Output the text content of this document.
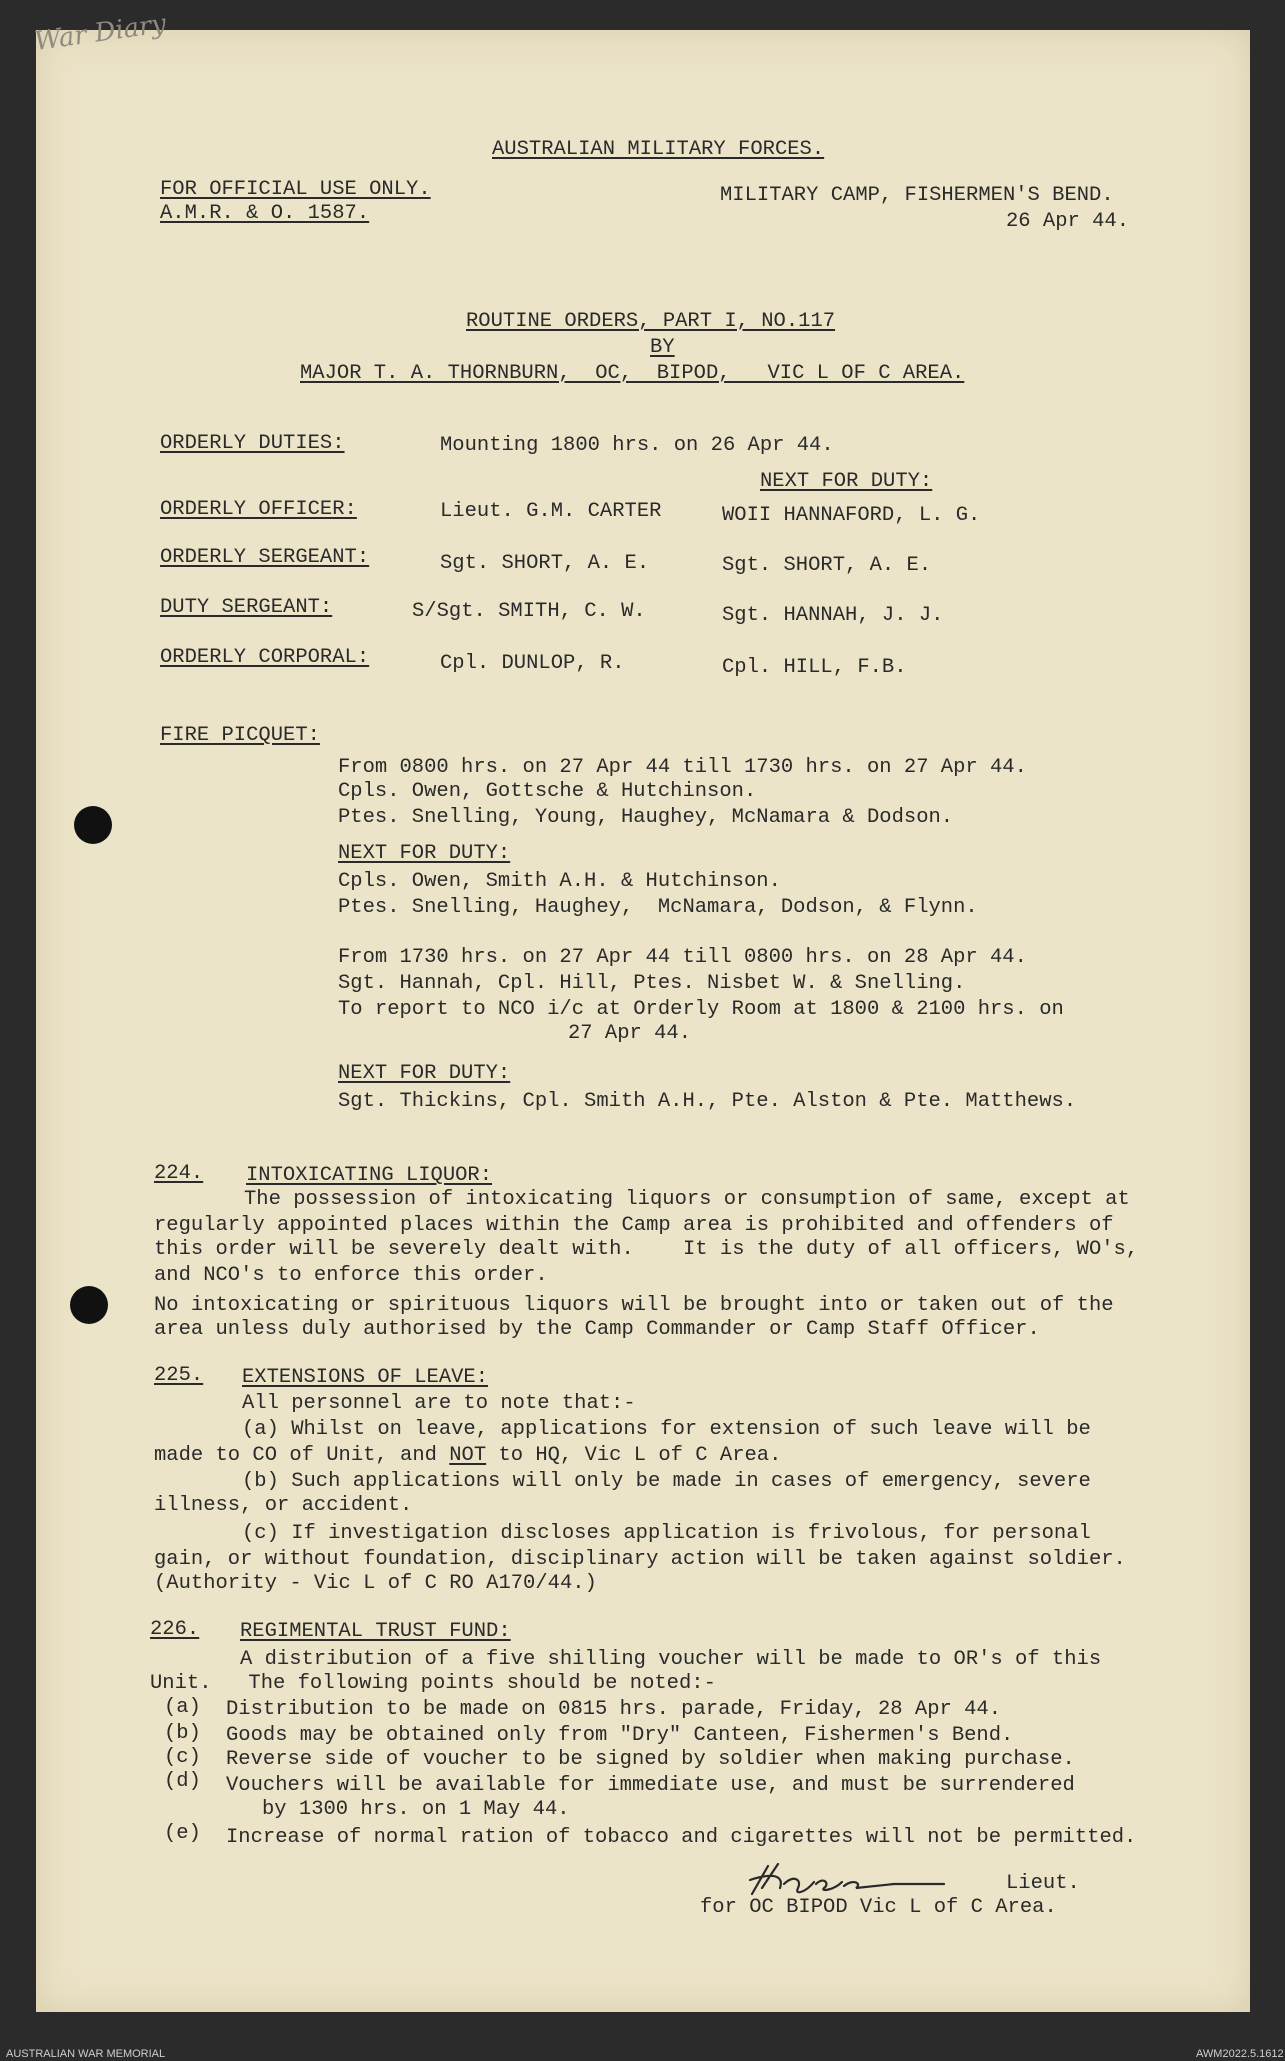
War Diary
AUSTRALIAN MILITARY FORCES.
FOR OFFICIAL USE ONLY.
A.M.R. & O. 1587.
MILITARY CAMP, FISHERMEN'S BEND.
26 Apr 44.
ROUTINE ORDERS, PART I, NO.117
BY
MAJOR T. A. THORNBURN,  OC,  BIPOD,   VIC L OF C AREA.
ORDERLY DUTIES:	Mounting 1800 hrs. on 26 Apr 44.
NEXT FOR DUTY:
ORDERLY OFFICER:	Lieut. G.M. CARTER	WOII HANNAFORD, L. G.
ORDERLY SERGEANT:	Sgt. SHORT, A. E.	Sgt. SHORT, A. E.
DUTY SERGEANT:	S/Sgt. SMITH, C. W.	Sgt. HANNAH, J. J.
ORDERLY CORPORAL:	Cpl. DUNLOP, R.	Cpl. HILL, F.B.
FIRE PICQUET:
From 0800 hrs. on 27 Apr 44 till 1730 hrs. on 27 Apr 44.
Cpls. Owen, Gottsche & Hutchinson.
Ptes. Snelling, Young, Haughey, McNamara & Dodson.
NEXT FOR DUTY:
Cpls. Owen, Smith A.H. & Hutchinson.
Ptes. Snelling, Haughey,  McNamara, Dodson, & Flynn.
From 1730 hrs. on 27 Apr 44 till 0800 hrs. on 28 Apr 44.
Sgt. Hannah, Cpl. Hill, Ptes. Nisbet W. & Snelling.
To report to NCO i/c at Orderly Room at 1800 & 2100 hrs. on
27 Apr 44.
NEXT FOR DUTY:
Sgt. Thickins, Cpl. Smith A.H., Pte. Alston & Pte. Matthews.
224. INTOXICATING LIQUOR:
The possession of intoxicating liquors or consumption of same, except at
regularly appointed places within the Camp area is prohibited and offenders of
this order will be severely dealt with.    It is the duty of all officers, WO's,
and NCO's to enforce this order.
No intoxicating or spirituous liquors will be brought into or taken out of the
area unless duly authorised by the Camp Commander or Camp Staff Officer.
225. EXTENSIONS OF LEAVE:
All personnel are to note that:-
(a) Whilst on leave, applications for extension of such leave will be
made to CO of Unit, and NOT to HQ, Vic L of C Area.
(b) Such applications will only be made in cases of emergency, severe
illness, or accident.
(c) If investigation discloses application is frivolous, for personal
gain, or without foundation, disciplinary action will be taken against soldier.
(Authority - Vic L of C RO A170/44.)
226. REGIMENTAL TRUST FUND:
A distribution of a five shilling voucher will be made to OR's of this
Unit.   The following points should be noted:-
(a) Distribution to be made on 0815 hrs. parade, Friday, 28 Apr 44.
(b) Goods may be obtained only from "Dry" Canteen, Fishermen's Bend.
(c) Reverse side of voucher to be signed by soldier when making purchase.
(d) Vouchers will be available for immediate use, and must be surrendered
by 1300 hrs. on 1 May 44.
(e) Increase of normal ration of tobacco and cigarettes will not be permitted.
Lieut.
for OC BIPOD Vic L of C Area.
AUSTRALIAN WAR MEMORIAL	AWM2022.5.1612
